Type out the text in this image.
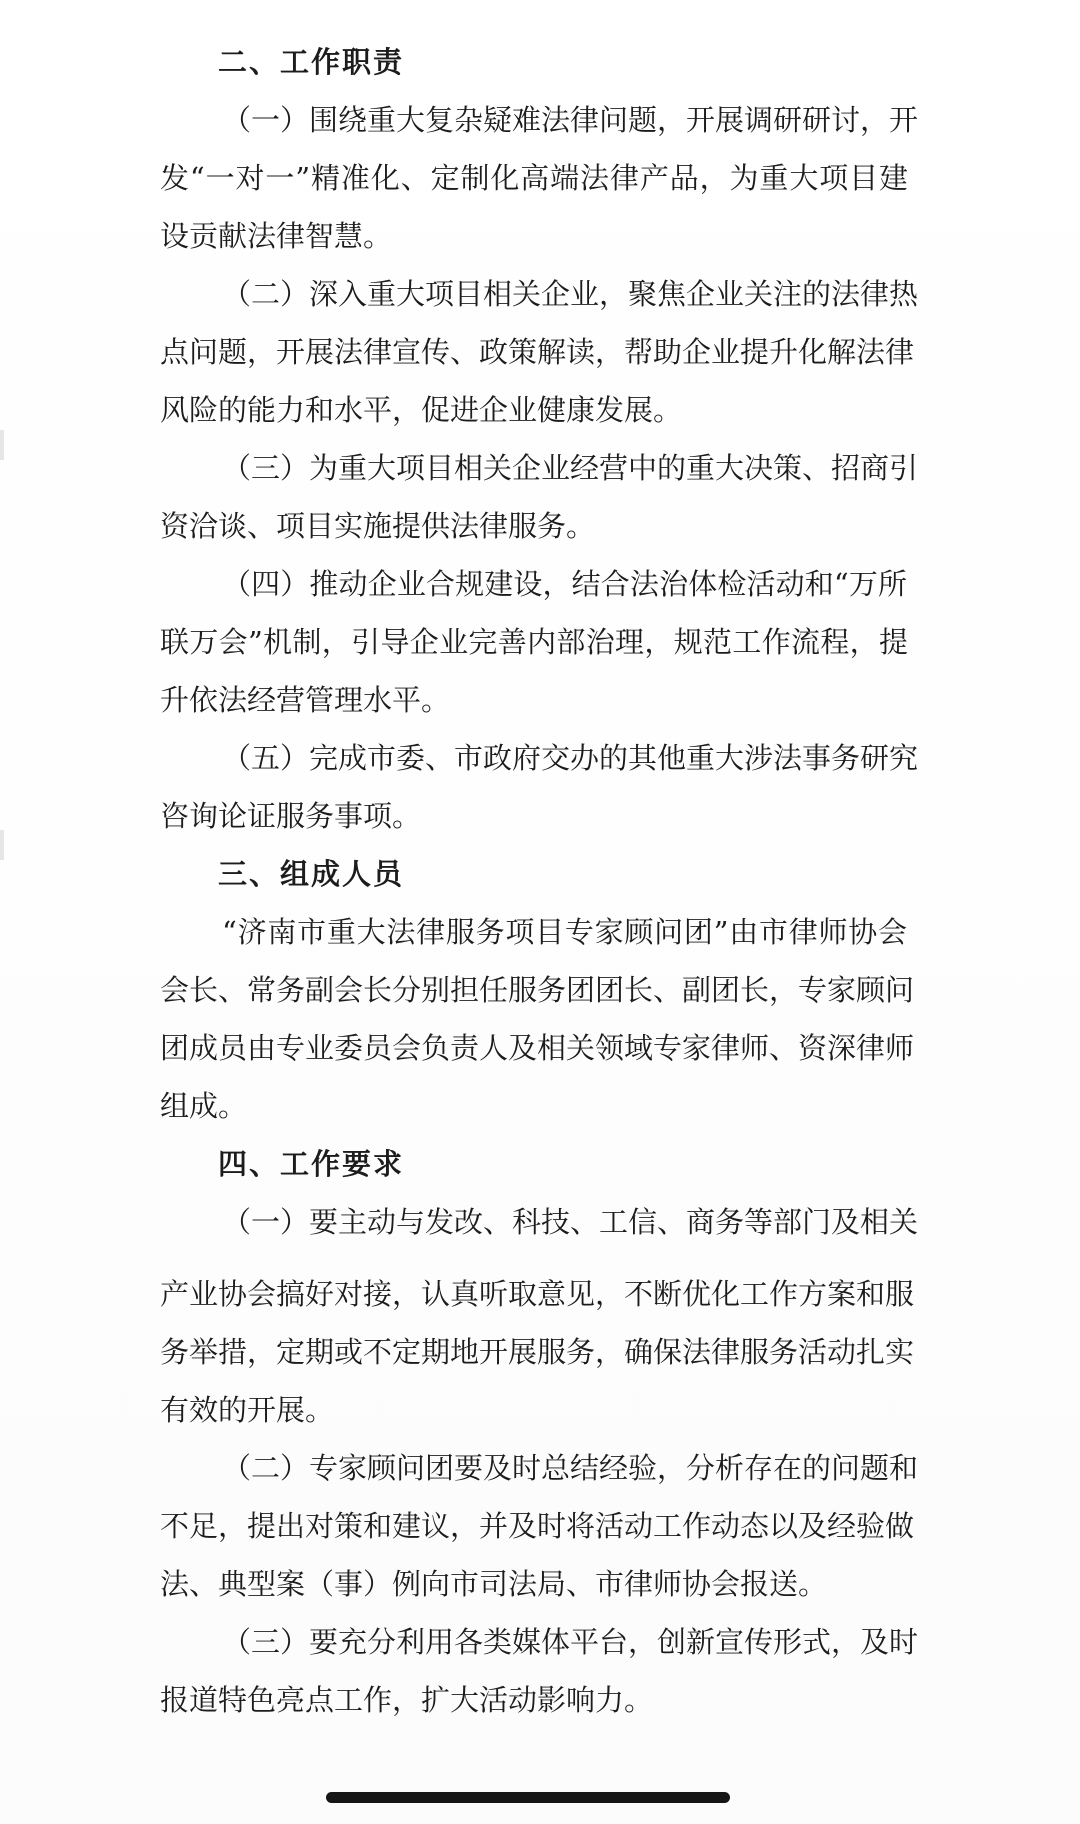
二、工作职责
（一）围绕重大复杂疑难法律问题，开展调研研讨，开
发“一对一”精准化、定制化高端法律产品，为重大项目建
设贡献法律智慧。
（二）深入重大项目相关企业，聚焦企业关注的法律热
点问题，开展法律宣传、政策解读，帮助企业提升化解法律
风险的能力和水平，促进企业健康发展。
（三）为重大项目相关企业经营中的重大决策、招商引
资洽谈、项目实施提供法律服务。
（四）推动企业合规建设，结合法治体检活动和“万所
联万会”机制，引导企业完善内部治理，规范工作流程，提
升依法经营管理水平。
（五）完成市委、市政府交办的其他重大涉法事务研究
咨询论证服务事项。
三、组成人员
“济南市重大法律服务项目专家顾问团”由市律师协会
会长、常务副会长分别担任服务团团长、副团长，专家顾问
团成员由专业委员会负责人及相关领域专家律师、资深律师
组成。
四、工作要求
（一）要主动与发改、科技、工信、商务等部门及相关
产业协会搞好对接，认真听取意见，不断优化工作方案和服
务举措，定期或不定期地开展服务，确保法律服务活动扎实
有效的开展。
（二）专家顾问团要及时总结经验，分析存在的问题和
不足，提出对策和建议，并及时将活动工作动态以及经验做
法、典型案（事）例向市司法局、市律师协会报送。
（三）要充分利用各类媒体平台，创新宣传形式，及时
报道特色亮点工作，扩大活动影响力。
